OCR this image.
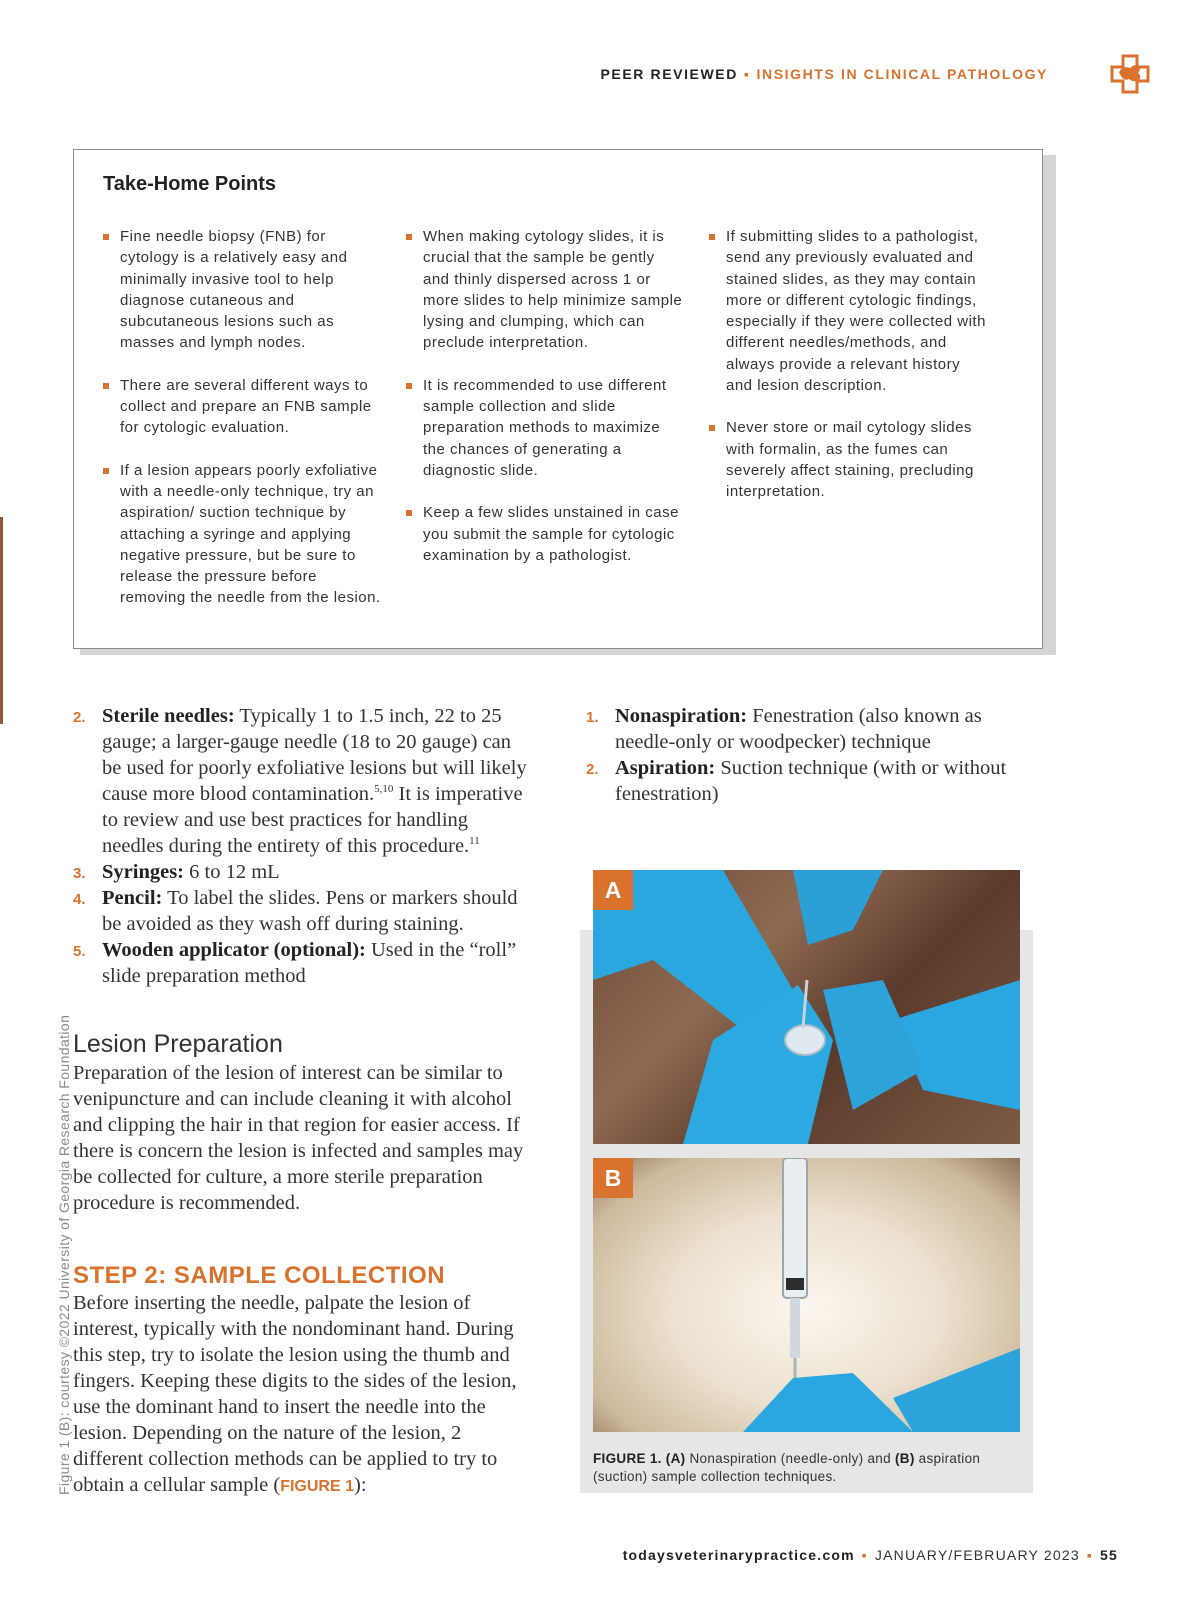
PEER REVIEWED ▪ INSIGHTS IN CLINICAL PATHOLOGY
Take-Home Points
Fine needle biopsy (FNB) for cytology is a relatively easy and minimally invasive tool to help diagnose cutaneous and subcutaneous lesions such as masses and lymph nodes.
There are several different ways to collect and prepare an FNB sample for cytologic evaluation.
If a lesion appears poorly exfoliative with a needle-only technique, try an aspiration/ suction technique by attaching a syringe and applying negative pressure, but be sure to release the pressure before removing the needle from the lesion.
When making cytology slides, it is crucial that the sample be gently and thinly dispersed across 1 or more slides to help minimize sample lysing and clumping, which can preclude interpretation.
It is recommended to use different sample collection and slide preparation methods to maximize the chances of generating a diagnostic slide.
Keep a few slides unstained in case you submit the sample for cytologic examination by a pathologist.
If submitting slides to a pathologist, send any previously evaluated and stained slides, as they may contain more or different cytologic findings, especially if they were collected with different needles/methods, and always provide a relevant history and lesion description.
Never store or mail cytology slides with formalin, as the fumes can severely affect staining, precluding interpretation.
2. Sterile needles: Typically 1 to 1.5 inch, 22 to 25 gauge; a larger-gauge needle (18 to 20 gauge) can be used for poorly exfoliative lesions but will likely cause more blood contamination.$^{5,10}$ It is imperative to review and use best practices for handling needles during the entirety of this procedure.$^{11}$
3. Syringes: 6 to 12 mL
4. Pencil: To label the slides. Pens or markers should be avoided as they wash off during staining.
5. Wooden applicator (optional): Used in the “roll” slide preparation method
Lesion Preparation

Preparation of the lesion of interest can be similar to venipuncture and can include cleaning it with alcohol and clipping the hair in that region for easier access. If there is concern the lesion is infected and samples may be collected for culture, a more sterile preparation procedure is recommended.

STEP 2: SAMPLE COLLECTION

Before inserting the needle, palpate the lesion of interest, typically with the nondominant hand. During this step, try to isolate the lesion using the thumb and fingers. Keeping these digits to the sides of the lesion, use the dominant hand to insert the needle into the lesion. Depending on the nature of the lesion, 2 different collection methods can be applied to try to obtain a cellular sample (FIGURE 1):

1. Nonaspiration: Fenestration (also known as needle-only or woodpecker) technique
2. Aspiration: Suction technique (with or without fenestration)
A
B
FIGURE 1. (A) Nonaspiration (needle-only) and (B) aspiration (suction) sample collection techniques.
Figure 1 (B): courtesy ©2022 University of Georgia Research Foundation
todaysveterinarypractice.com ▪ JANUARY/FEBRUARY 2023 ▪ 55
